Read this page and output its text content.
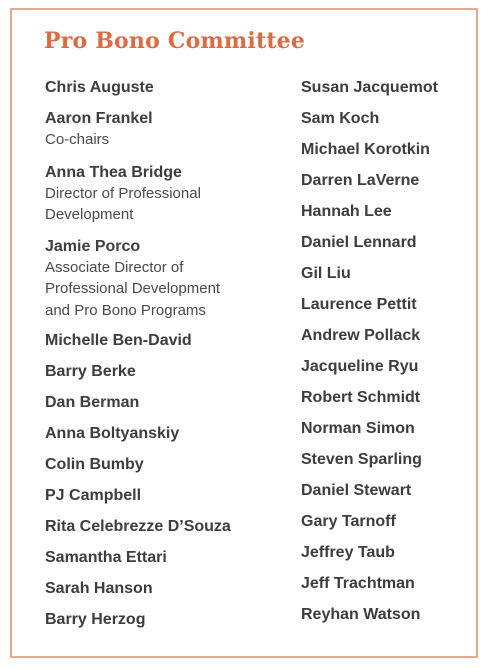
Pro Bono Committee
Chris Auguste
Aaron Frankel
Co-chairs
Anna Thea Bridge
Director of Professional
Development
Jamie Porco
Associate Director of
Professional Development
and Pro Bono Programs
Michelle Ben-David
Barry Berke
Dan Berman
Anna Boltyanskiy
Colin Bumby
PJ Campbell
Rita Celebrezze D’Souza
Samantha Ettari
Sarah Hanson
Barry Herzog
Susan Jacquemot
Sam Koch
Michael Korotkin
Darren LaVerne
Hannah Lee
Daniel Lennard
Gil Liu
Laurence Pettit
Andrew Pollack
Jacqueline Ryu
Robert Schmidt
Norman Simon
Steven Sparling
Daniel Stewart
Gary Tarnoff
Jeffrey Taub
Jeff Trachtman
Reyhan Watson
